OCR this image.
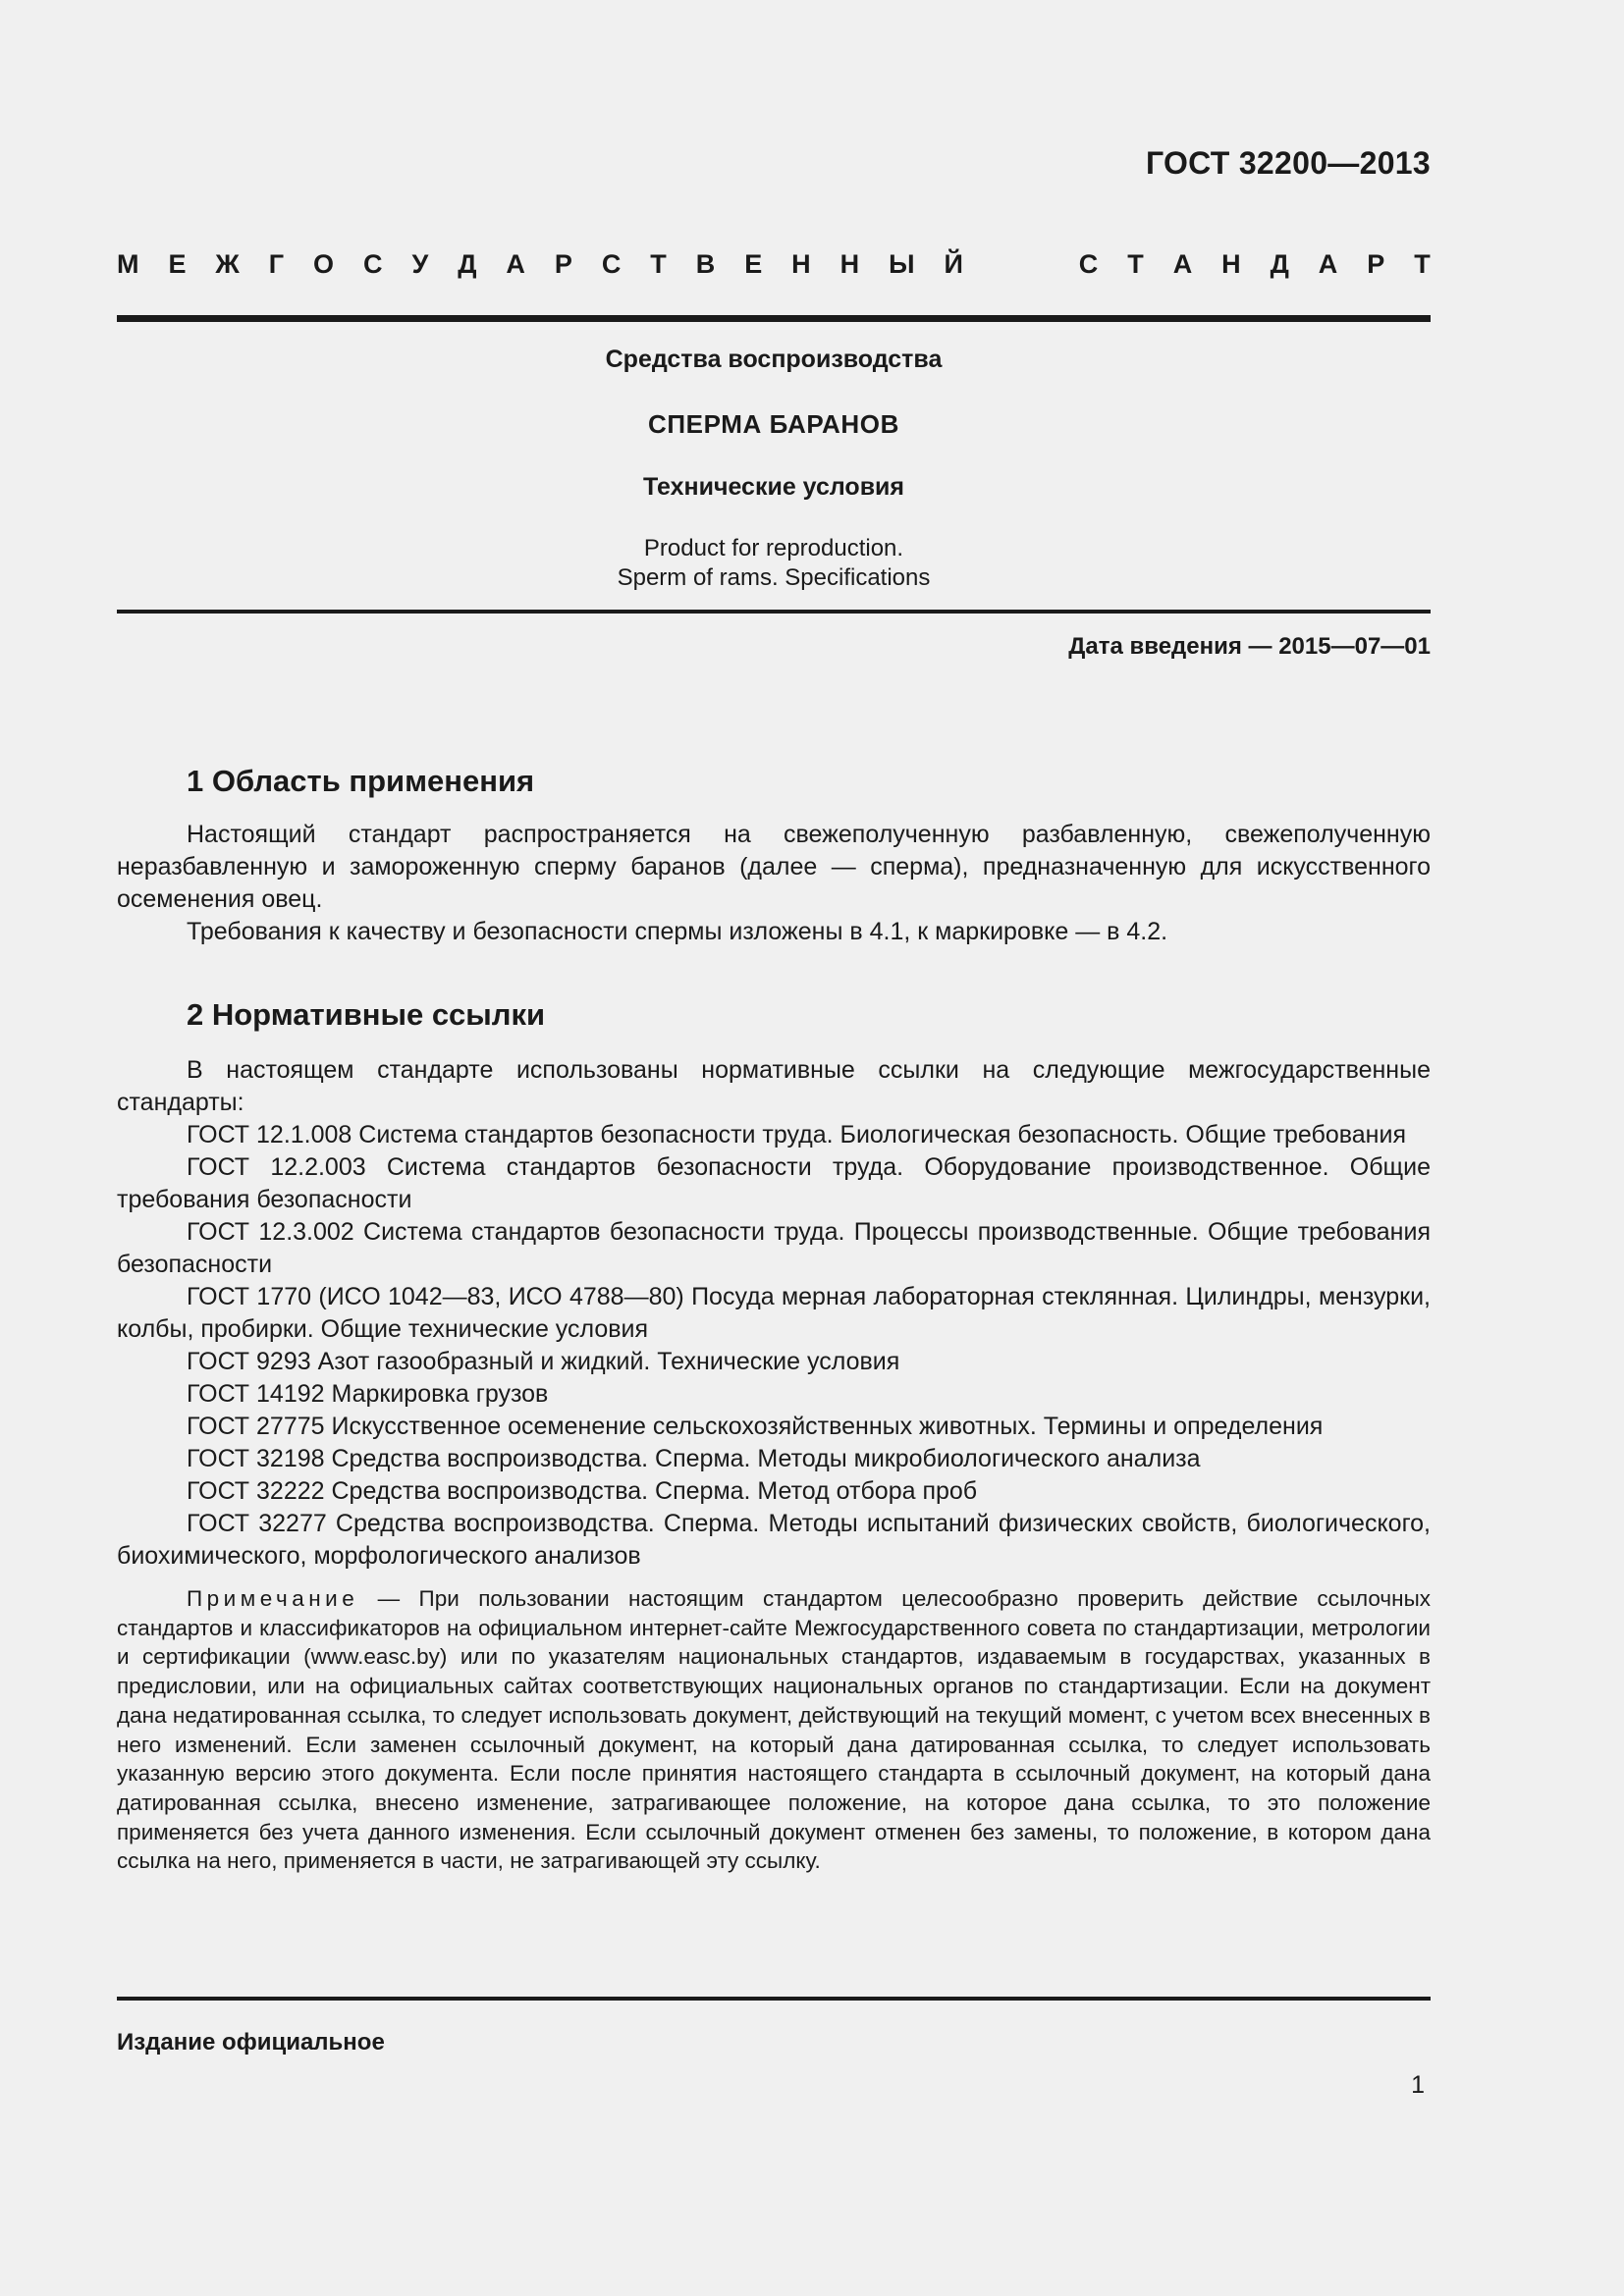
ГОСТ 32200—2013
М Е Ж Г О С У Д А Р С Т В Е Н Н Ы Й	С Т А Н Д А Р Т
Средства воспроизводства
СПЕРМА БАРАНОВ
Технические условия
Product for reproduction.
Sperm of rams. Specifications
Дата введения — 2015—07—01
1 Область применения

Настоящий стандарт распространяется на свежеполученную разбавленную, свежеполученную неразбавленную и замороженную сперму баранов (далее — сперма), предназначенную для искусственного осеменения овец.

Требования к качеству и безопасности спермы изложены в 4.1, к маркировке — в 4.2.

2 Нормативные ссылки

В настоящем стандарте использованы нормативные ссылки на следующие межгосударственные стандарты:

ГОСТ 12.1.008 Система стандартов безопасности труда. Биологическая безопасность. Общие требования

ГОСТ 12.2.003 Система стандартов безопасности труда. Оборудование производственное. Общие требования безопасности

ГОСТ 12.3.002 Система стандартов безопасности труда. Процессы производственные. Общие требования безопасности

ГОСТ 1770 (ИСО 1042—83, ИСО 4788—80) Посуда мерная лабораторная стеклянная. Цилиндры, мензурки, колбы, пробирки. Общие технические условия

ГОСТ 9293 Азот газообразный и жидкий. Технические условия

ГОСТ 14192 Маркировка грузов

ГОСТ 27775 Искусственное осеменение сельскохозяйственных животных. Термины и определения

ГОСТ 32198 Средства воспроизводства. Сперма. Методы микробиологического анализа

ГОСТ 32222 Средства воспроизводства. Сперма. Метод отбора проб

ГОСТ 32277 Средства воспроизводства. Сперма. Методы испытаний физических свойств, биологического, биохимического, морфологического анализов

Примечание — При пользовании настоящим стандартом целесообразно проверить действие ссылочных стандартов и классификаторов на официальном интернет-сайте Межгосударственного совета по стандартизации, метрологии и сертификации (www.easc.by) или по указателям национальных стандартов, издаваемым в государствах, указанных в предисловии, или на официальных сайтах соответствующих национальных органов по стандартизации. Если на документ дана недатированная ссылка, то следует использовать документ, действующий на текущий момент, с учетом всех внесенных в него изменений. Если заменен ссылочный документ, на который дана датированная ссылка, то следует использовать указанную версию этого документа. Если после принятия настоящего стандарта в ссылочный документ, на который дана датированная ссылка, внесено изменение, затрагивающее положение, на которое дана ссылка, то это положение применяется без учета данного изменения. Если ссылочный документ отменен без замены, то положение, в котором дана ссылка на него, применяется в части, не затрагивающей эту ссылку.

Издание официальное
1
